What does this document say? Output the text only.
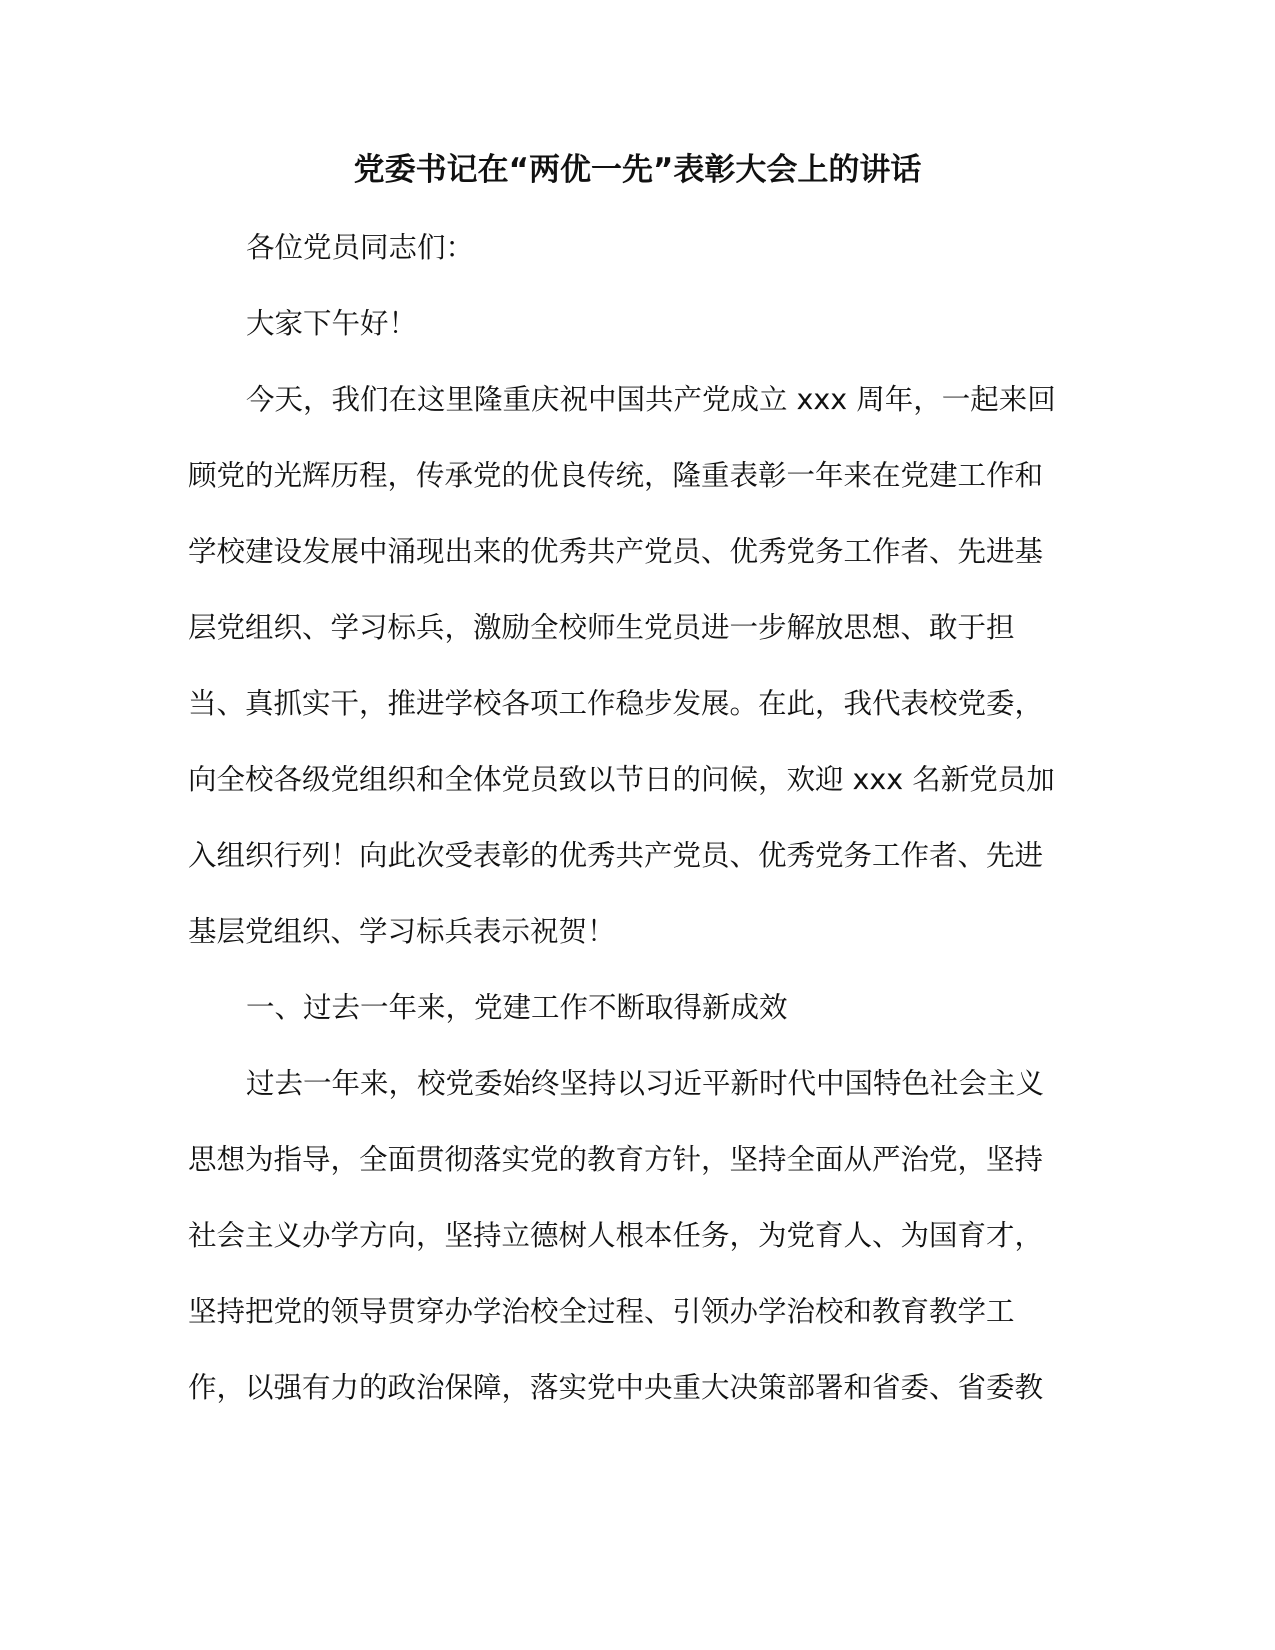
党委书记在“两优一先”表彰大会上的讲话
各位党员同志们：
大家下午好！
今天，我们在这里隆重庆祝中国共产党成立 xxx 周年，一起来回
顾党的光辉历程，传承党的优良传统，隆重表彰一年来在党建工作和
学校建设发展中涌现出来的优秀共产党员、优秀党务工作者、先进基
层党组织、学习标兵，激励全校师生党员进一步解放思想、敢于担
当、真抓实干，推进学校各项工作稳步发展。在此，我代表校党委，
向全校各级党组织和全体党员致以节日的问候，欢迎 xxx 名新党员加
入组织行列！向此次受表彰的优秀共产党员、优秀党务工作者、先进
基层党组织、学习标兵表示祝贺！
一、过去一年来，党建工作不断取得新成效
过去一年来，校党委始终坚持以习近平新时代中国特色社会主义
思想为指导，全面贯彻落实党的教育方针，坚持全面从严治党，坚持
社会主义办学方向，坚持立德树人根本任务，为党育人、为国育才，
坚持把党的领导贯穿办学治校全过程、引领办学治校和教育教学工
作，以强有力的政治保障，落实党中央重大决策部署和省委、省委教
